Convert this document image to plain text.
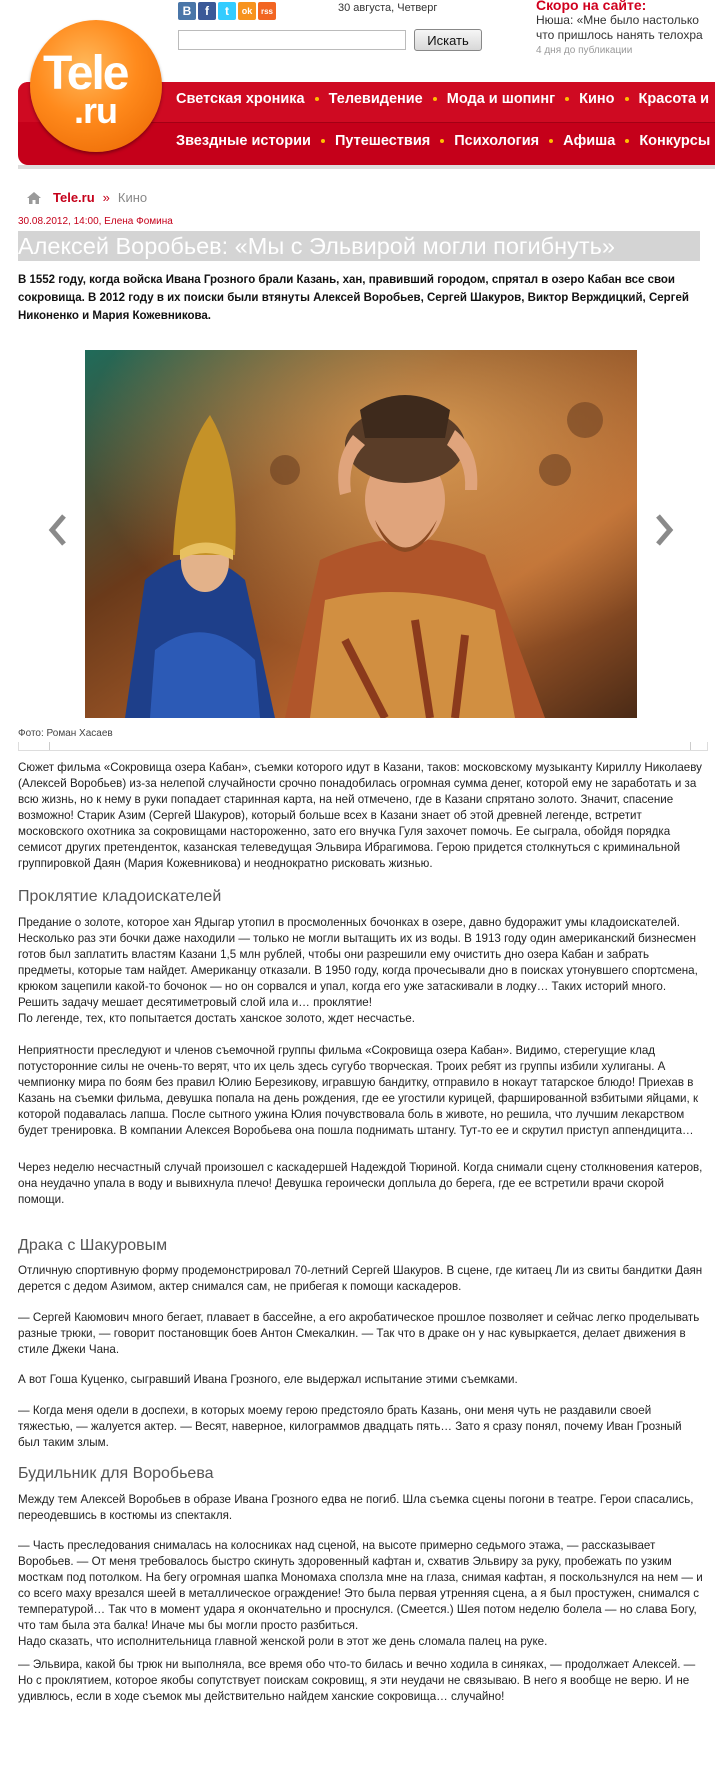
В	f	t	ok	rss	30 августа, Четверг
Искать
Скоро на сайте:
Нюша: «Мне было настолько
что пришлось нанять телохра
4 дня до публикации
Tele
.ru	Светская хроника Телевидение Мода и шопинг Кино Красота и
Звездные истории Путешествия Психология Афиша Конкурсы
Tele.ru » Кино
30.08.2012, 14:00, Елена Фомина
Алексей Воробьев: «Мы с Эльвирой могли погибнуть»
В 1552 году, когда войска Ивана Грозного брали Казань, хан, правивший городом, спрятал в озеро Кабан все свои сокровища. В 2012 году в их поиски были втянуты Алексей Воробьев, Сергей Шакуров, Виктор Верждицкий, Сергей Никоненко и Мария Кожевникова.
Фото: Роман Хасаев
Сюжет фильма «Сокровища озера Кабан», съемки которого идут в Казани, таков: московскому музыканту Кириллу Николаеву (Алексей Воробьев) из-за нелепой случайности срочно понадобилась огромная сумма денег, которой ему не заработать и за всю жизнь, но к нему в руки попадает старинная карта, на ней отмечено, где в Казани спрятано золото. Значит, спасение возможно! Старик Азим (Сергей Шакуров), который больше всех в Казани знает об этой древней легенде, встретит московского охотника за сокровищами настороженно, зато его внучка Гуля захочет помочь. Ее сыграла, обойдя порядка семисот других претенденток, казанская телеведущая Эльвира Ибрагимова. Герою придется столкнуться с криминальной группировкой Даян (Мария Кожевникова) и неоднократно рисковать жизнью.
Проклятие кладоискателей

Предание о золоте, которое хан Ядыгар утопил в просмоленных бочонках в озере, давно будоражит умы кладоискателей. Несколько раз эти бочки даже находили — только не могли вытащить их из воды. В 1913 году один американский бизнесмен готов был заплатить властям Казани 1,5 млн рублей, чтобы они разрешили ему очистить дно озера Кабан и забрать предметы, которые там найдет. Американцу отказали. В 1950 году, когда прочесывали дно в поисках утонувшего спортсмена, крюком зацепили какой-то бочонок — но он сорвался и упал, когда его уже затаскивали в лодку… Таких историй много. Решить задачу мешает десятиметровый слой ила и… проклятие!

По легенде, тех, кто попытается достать ханское золото, ждет несчастье.

Неприятности преследуют и членов съемочной группы фильма «Сокровища озера Кабан». Видимо, стерегущие клад потусторонние силы не очень-то верят, что их цель здесь сугубо творческая. Троих ребят из группы избили хулиганы. А чемпионку мира по боям без правил Юлию Березикову, игравшую бандитку, отправило в нокаут татарское блюдо! Приехав в Казань на съемки фильма, девушка попала на день рождения, где ее угостили курицей, фаршированной взбитыми яйцами, к которой подавалась лапша. После сытного ужина Юлия почувствовала боль в животе, но решила, что лучшим лекарством будет тренировка. В компании Алексея Воробьева она пошла поднимать штангу. Тут-то ее и скрутил приступ аппендицита…
Через неделю несчастный случай произошел с каскадершей Надеждой Тюриной. Когда снимали сцену столкновения катеров, она неудачно упала в воду и вывихнула плечо! Девушка героически доплыла до берега, где ее встретили врачи скорой помощи.
Драка с Шакуровым
Отличную спортивную форму продемонстрировал 70-летний Сергей Шакуров. В сцене, где китаец Ли из свиты бандитки Даян дерется с дедом Азимом, актер снимался сам, не прибегая к помощи каскадеров.
— Сергей Каюмович много бегает, плавает в бассейне, а его акробатическое прошлое позволяет и сейчас легко проделывать разные трюки, — говорит постановщик боев Антон Смекалкин. — Так что в драке он у нас кувыркается, делает движения в стиле Джеки Чана.
А вот Гоша Куценко, сыгравший Ивана Грозного, еле выдержал испытание этими съемками.
— Когда меня одели в доспехи, в которых моему герою предстояло брать Казань, они меня чуть не раздавили своей тяжестью, — жалуется актер. — Весят, наверное, килограммов двадцать пять… Зато я сразу понял, почему Иван Грозный был таким злым.
Будильник для Воробьева
Между тем Алексей Воробьев в образе Ивана Грозного едва не погиб. Шла съемка сцены погони в театре. Герои спасались, переодевшись в костюмы из спектакля.

— Часть преследования снималась на колосниках над сценой, на высоте примерно седьмого этажа, — рассказывает Воробьев. — От меня требовалось быстро скинуть здоровенный кафтан и, схватив Эльвиру за руку, пробежать по узким мосткам под потолком. На бегу огромная шапка Мономаха сползла мне на глаза, снимая кафтан, я поскользнулся на нем — и со всего маху врезался шеей в металлическое ограждение! Это была первая утренняя сцена, а я был простужен, снимался с температурой… Так что в момент удара я окончательно и проснулся. (Смеется.) Шея потом неделю болела — но слава Богу, что там была эта балка! Иначе мы бы могли просто разбиться.

Надо сказать, что исполнительница главной женской роли в этот же день сломала палец на руке.

— Эльвира, какой бы трюк ни выполняла, все время обо что-то билась и вечно ходила в синяках, — продолжает Алексей. — Но с проклятием, которое якобы сопутствует поискам сокровищ, я эти неудачи не связываю. В него я вообще не верю. И не удивлюсь, если в ходе съемок мы действительно найдем ханские сокровища… случайно!
